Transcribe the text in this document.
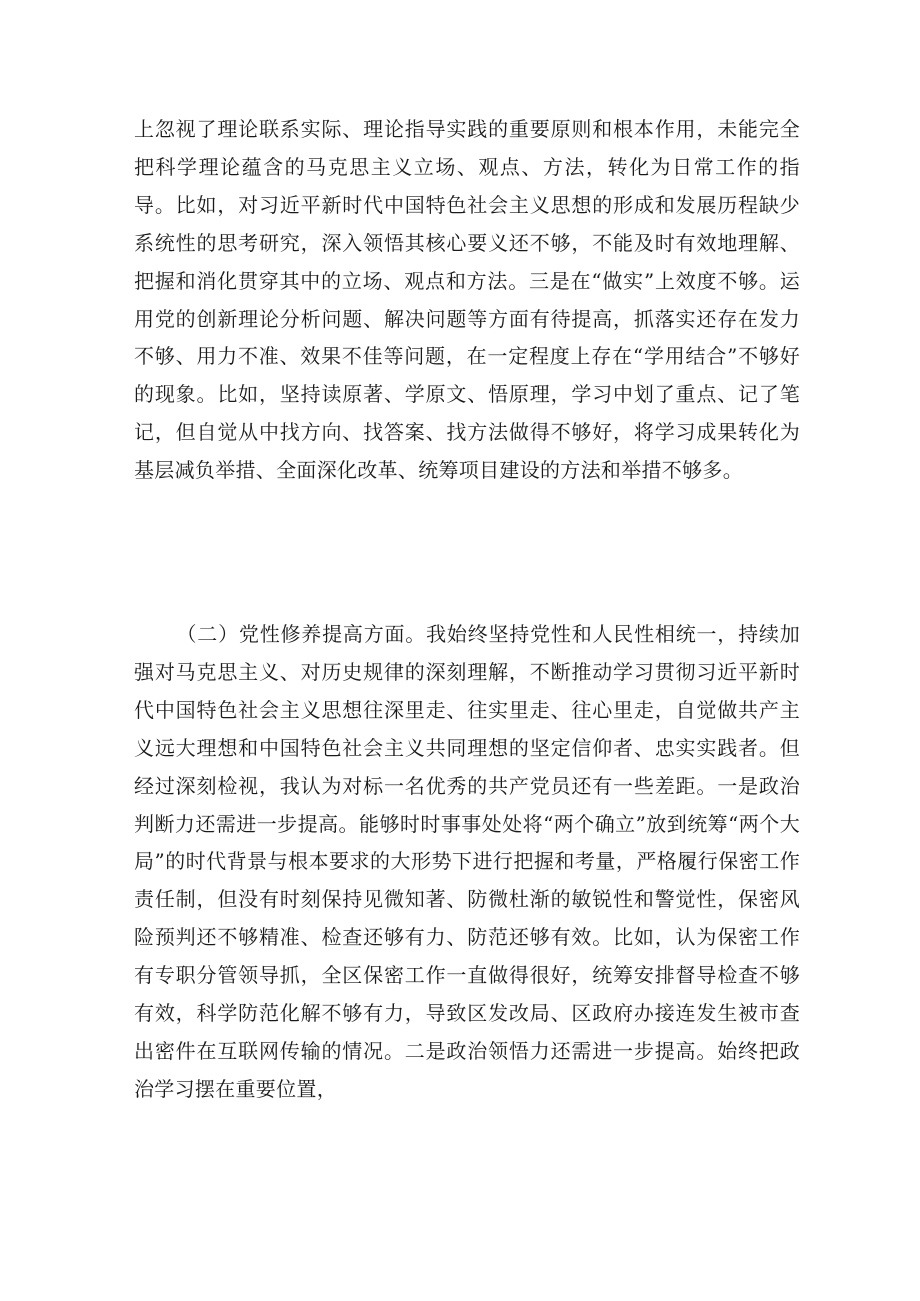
上忽视了理论联系实际、理论指导实践的重要原则和根本作用，未能完全把科学理论蕴含的马克思主义立场、观点、方法，转化为日常工作的指导。比如，对习近平新时代中国特色社会主义思想的形成和发展历程缺少系统性的思考研究，深入领悟其核心要义还不够，不能及时有效地理解、把握和消化贯穿其中的立场、观点和方法。三是在“做实”上效度不够。运用党的创新理论分析问题、解决问题等方面有待提高，抓落实还存在发力不够、用力不准、效果不佳等问题，在一定程度上存在“学用结合”不够好的现象。比如，坚持读原著、学原文、悟原理，学习中划了重点、记了笔记，但自觉从中找方向、找答案、找方法做得不够好，将学习成果转化为基层减负举措、全面深化改革、统筹项目建设的方法和举措不够多。

（二）党性修养提高方面。我始终坚持党性和人民性相统一，持续加强对马克思主义、对历史规律的深刻理解，不断推动学习贯彻习近平新时代中国特色社会主义思想往深里走、往实里走、往心里走，自觉做共产主义远大理想和中国特色社会主义共同理想的坚定信仰者、忠实实践者。但经过深刻检视，我认为对标一名优秀的共产党员还有一些差距。一是政治判断力还需进一步提高。能够时时事事处处将“两个确立”放到统筹“两个大局”的时代背景与根本要求的大形势下进行把握和考量，严格履行保密工作责任制，但没有时刻保持见微知著、防微杜渐的敏锐性和警觉性，保密风险预判还不够精准、检查还够有力、防范还够有效。比如，认为保密工作有专职分管领导抓，全区保密工作一直做得很好，统筹安排督导检查不够有效，科学防范化解不够有力，导致区发改局、区政府办接连发生被市查出密件在互联网传输的情况。二是政治领悟力还需进一步提高。始终把政治学习摆在重要位置，
